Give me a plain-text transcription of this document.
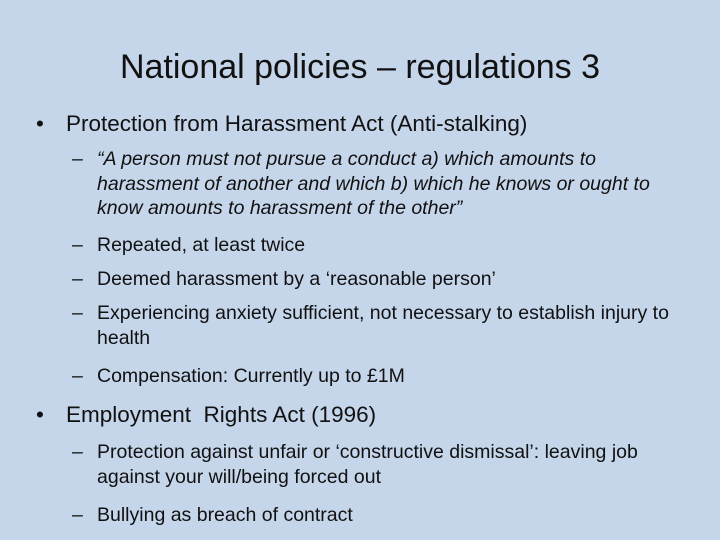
National policies – regulations 3
• Protection from Harassment Act (Anti-stalking)
– “A person must not pursue a conduct a) which amounts to harassment of another and which b) which he knows or ought to know amounts to harassment of the other”
– Repeated, at least twice
– Deemed harassment by a ‘reasonable person’
– Experiencing anxiety sufficient, not necessary to establish injury to health
– Compensation: Currently up to £1M
• Employment  Rights Act (1996)
– Protection against unfair or ‘constructive dismissal’: leaving job against your will/being forced out
– Bullying as breach of contract
